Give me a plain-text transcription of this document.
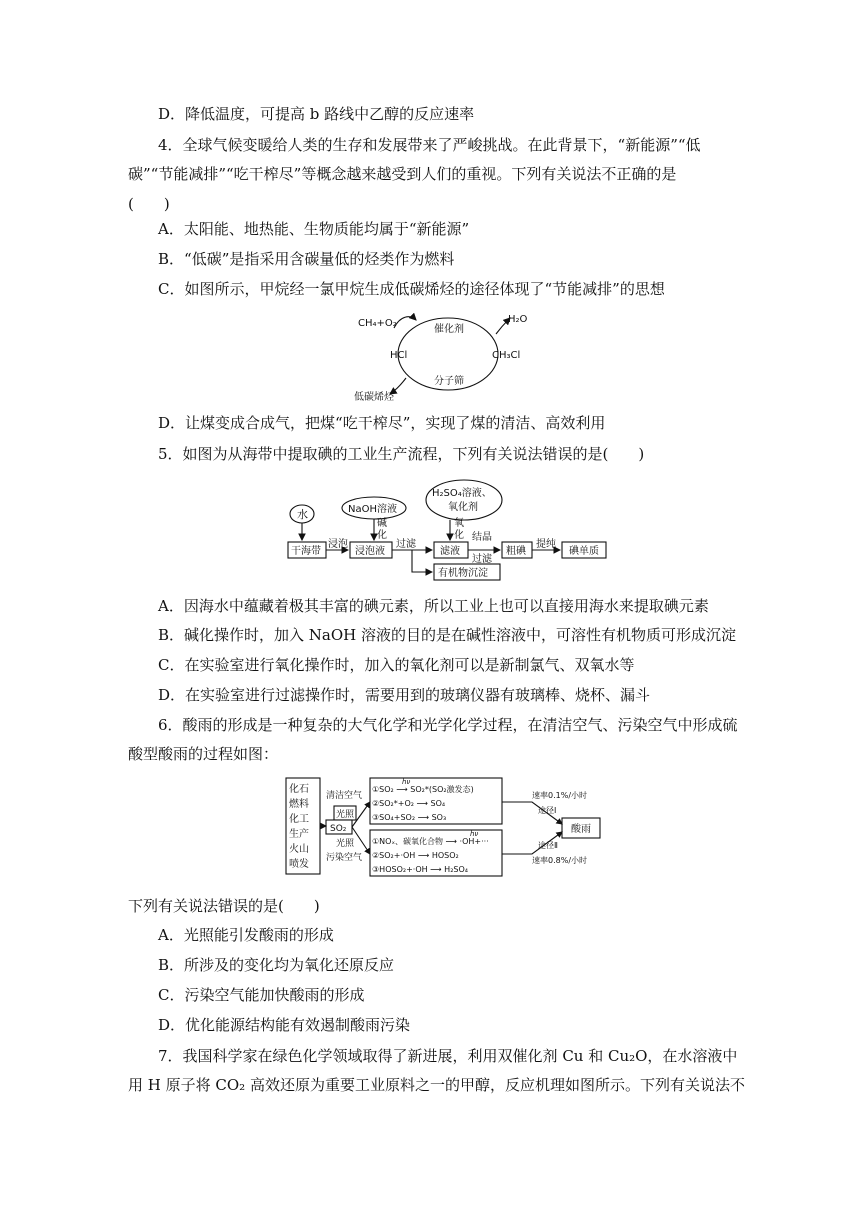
D．降低温度，可提高 b 路线中乙醇的反应速率
4．全球气候变暖给人类的生存和发展带来了严峻挑战。在此背景下，“新能源”“低
碳”“节能减排”“吃干榨尽”等概念越来越受到人们的重视。下列有关说法不正确的是
(　　)
A．太阳能、地热能、生物质能均属于“新能源”
B．“低碳”是指采用含碳量低的烃类作为燃料
C．如图所示，甲烷经一氯甲烷生成低碳烯烃的途径体现了“节能减排”的思想
CH₄+O₂
催化剂
H₂O
HCl	CH₃Cl
分子筛
低碳烯烃
D．让煤变成合成气，把煤“吃干榨尽”，实现了煤的清洁、高效利用
5．如图为从海带中提取碘的工业生产流程，下列有关说法错误的是(　　)
水	NaOH溶液
H₂SO₄溶液、
氧化剂
碱
化
氧
化
干海带
浸泡
浸泡液
过滤
滤液
结晶
过滤
粗碘
提纯
碘单质
有机物沉淀
A．因海水中蕴藏着极其丰富的碘元素，所以工业上也可以直接用海水来提取碘元素
B．碱化操作时，加入 NaOH 溶液的目的是在碱性溶液中，可溶性有机物质可形成沉淀
C．在实验室进行氧化操作时，加入的氧化剂可以是新制氯气、双氧水等
D．在实验室进行过滤操作时，需要用到的玻璃仪器有玻璃棒、烧杯、漏斗
6．酸雨的形成是一种复杂的大气化学和光学化学过程，在清洁空气、污染空气中形成硫
酸型酸雨的过程如图：
化石
燃料
化工
生产
火山
喷发
清洁空气
光照
SO₂
光照
污染空气
hν
①SO₂ ⟶ SO₂*(SO₂激发态)
②SO₂*+O₂ ⟶ SO₄
③SO₄+SO₂ ⟶ SO₃
hν
①NOₓ、碳氧化合物 ⟶ ·OH+···
②SO₂+·OH ⟶ HOSO₂
③HOSO₂+·OH ⟶ H₂SO₄
速率0.1%/小时
途径Ⅰ
途径Ⅱ
速率0.8%/小时
酸雨
下列有关说法错误的是(　　)
A．光照能引发酸雨的形成
B．所涉及的变化均为氧化还原反应
C．污染空气能加快酸雨的形成
D．优化能源结构能有效遏制酸雨污染
7．我国科学家在绿色化学领域取得了新进展，利用双催化剂 Cu 和 Cu₂O，在水溶液中
用 H 原子将 CO₂ 高效还原为重要工业原料之一的甲醇，反应机理如图所示。下列有关说法不
